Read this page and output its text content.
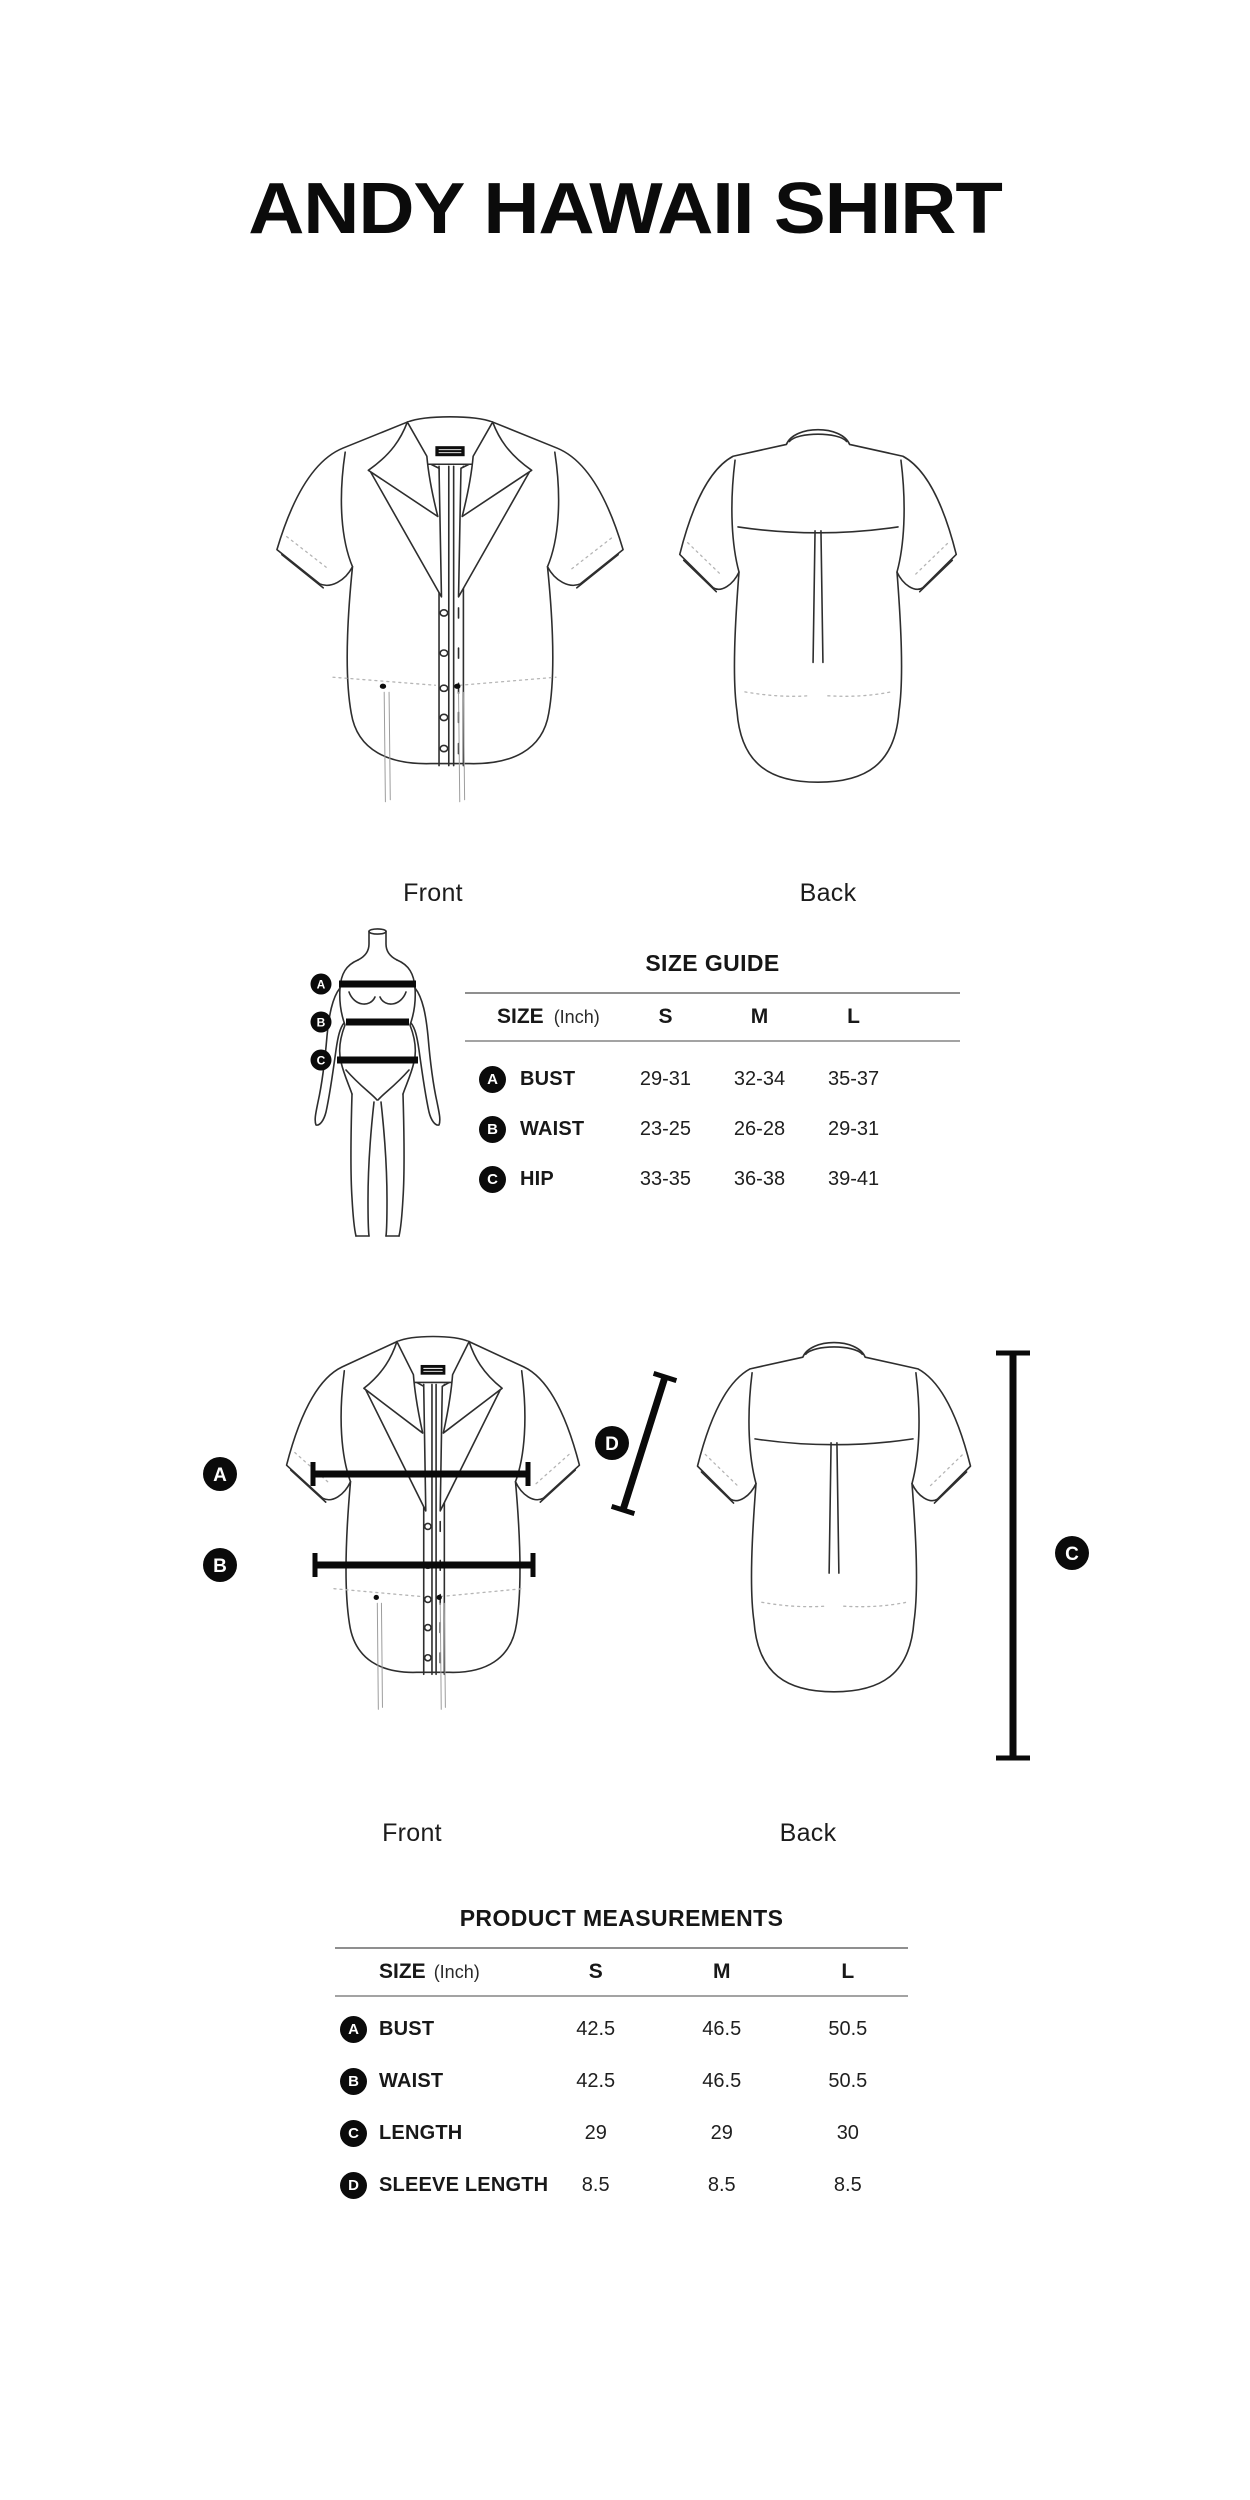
ANDY HAWAII SHIRT
Front	Back
A
B
C
SIZE GUIDE
SIZE (Inch)	S	M	L
A	BUST	29-31	32-34	35-37
B	WAIST	23-25	26-28	29-31
C	HIP	33-35	36-38	39-41
A
B
D
C
Front	Back
PRODUCT MEASUREMENTS
SIZE (Inch)	S	M	L
A	BUST	42.5	46.5	50.5
B	WAIST	42.5	46.5	50.5
C	LENGTH	29	29	30
D	SLEEVE LENGTH	8.5	8.5	8.5
